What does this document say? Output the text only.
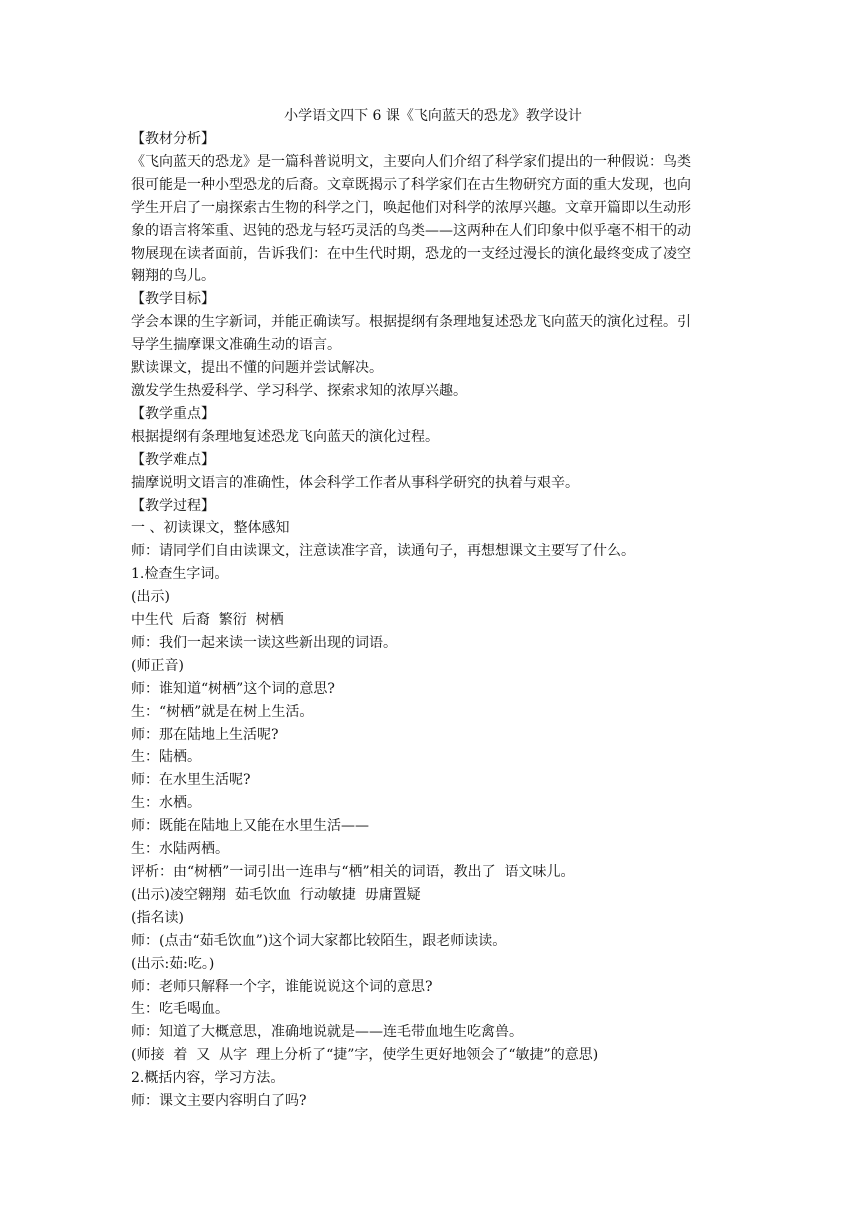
小学语文四下 6 课《飞向蓝天的恐龙》教学设计

【教材分析】

《飞向蓝天的恐龙》是一篇科普说明文，主要向人们介绍了科学家们提出的一种假说：鸟类

很可能是一种小型恐龙的后裔。文章既揭示了科学家们在古生物研究方面的重大发现，也向

学生开启了一扇探索古生物的科学之门，唤起他们对科学的浓厚兴趣。文章开篇即以生动形

象的语言将笨重、迟钝的恐龙与轻巧灵活的鸟类——这两种在人们印象中似乎毫不相干的动

物展现在读者面前，告诉我们：在中生代时期，恐龙的一支经过漫长的演化最终变成了凌空

翱翔的鸟儿。

【教学目标】

学会本课的生字新词，并能正确读写。根据提纲有条理地复述恐龙飞向蓝天的演化过程。引

导学生揣摩课文准确生动的语言。

默读课文，提出不懂的问题并尝试解决。

激发学生热爱科学、学习科学、探索求知的浓厚兴趣。

【教学重点】

根据提纲有条理地复述恐龙飞向蓝天的演化过程。

【教学难点】

揣摩说明文语言的准确性，体会科学工作者从事科学研究的执着与艰辛。

【教学过程】

一 、初读课文，整体感知

师：请同学们自由读课文，注意读准字音，读通句子，再想想课文主要写了什么。

1.检查生字词。

(出示)

中生代  后裔  繁衍  树栖

师：我们一起来读一读这些新出现的词语。

(师正音)

师：谁知道“树栖”这个词的意思?

生：“树栖”就是在树上生活。

师：那在陆地上生活呢?

生：陆栖。

师：在水里生活呢?

生：水栖。

师：既能在陆地上又能在水里生活——

生：水陆两栖。

评析：由“树栖”一词引出一连串与“栖”相关的词语，教出了  语文味儿。

(出示)凌空翱翔  茹毛饮血  行动敏捷  毋庸置疑

(指名读)

师：(点击“茹毛饮血”)这个词大家都比较陌生，跟老师读读。

(出示:茹:吃。)

师：老师只解释一个字，谁能说说这个词的意思?

生：吃毛喝血。

师：知道了大概意思，准确地说就是——连毛带血地生吃禽兽。

(师接  着  又  从字  理上分析了“捷”字，使学生更好地领会了“敏捷”的意思)

2.概括内容，学习方法。

师：课文主要内容明白了吗?
